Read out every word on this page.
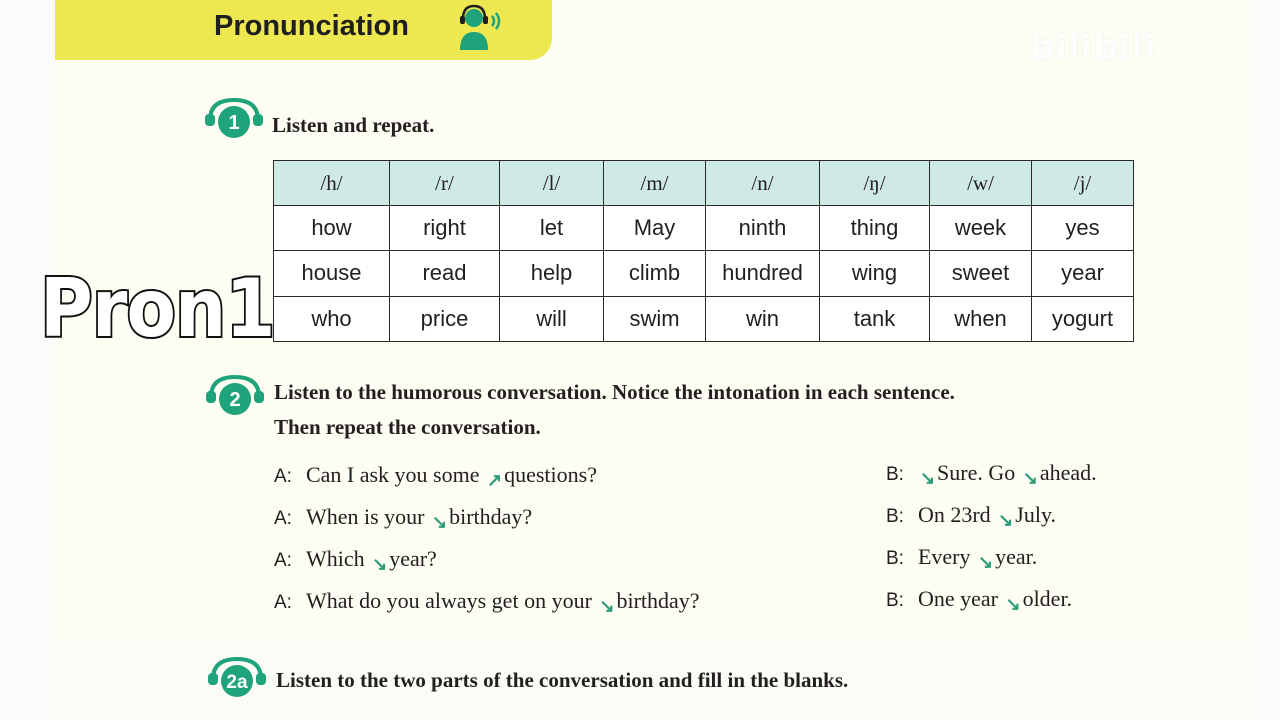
Pronunciation
bilibili
1 Listen and repeat.
/h/	/r/	/l/	/m/	/n/	/ŋ/	/w/	/j/
how	right	let	May	ninth	thing	week	yes
house	read	help	climb	hundred	wing	sweet	year
who	price	will	swim	win	tank	when	yogurt
Pron1
2 Listen to the humorous conversation. Notice the intonation in each sentence.
Then repeat the conversation.
A: Can I ask you some ↗questions?
A: When is your ↘birthday?
A: Which ↘year?
A: What do you always get on your ↘birthday?
B: ↘Sure. Go ↘ahead.
B: On 23rd ↘July.
B: Every ↘year.
B: One year ↘older.
2a Listen to the two parts of the conversation and fill in the blanks.
